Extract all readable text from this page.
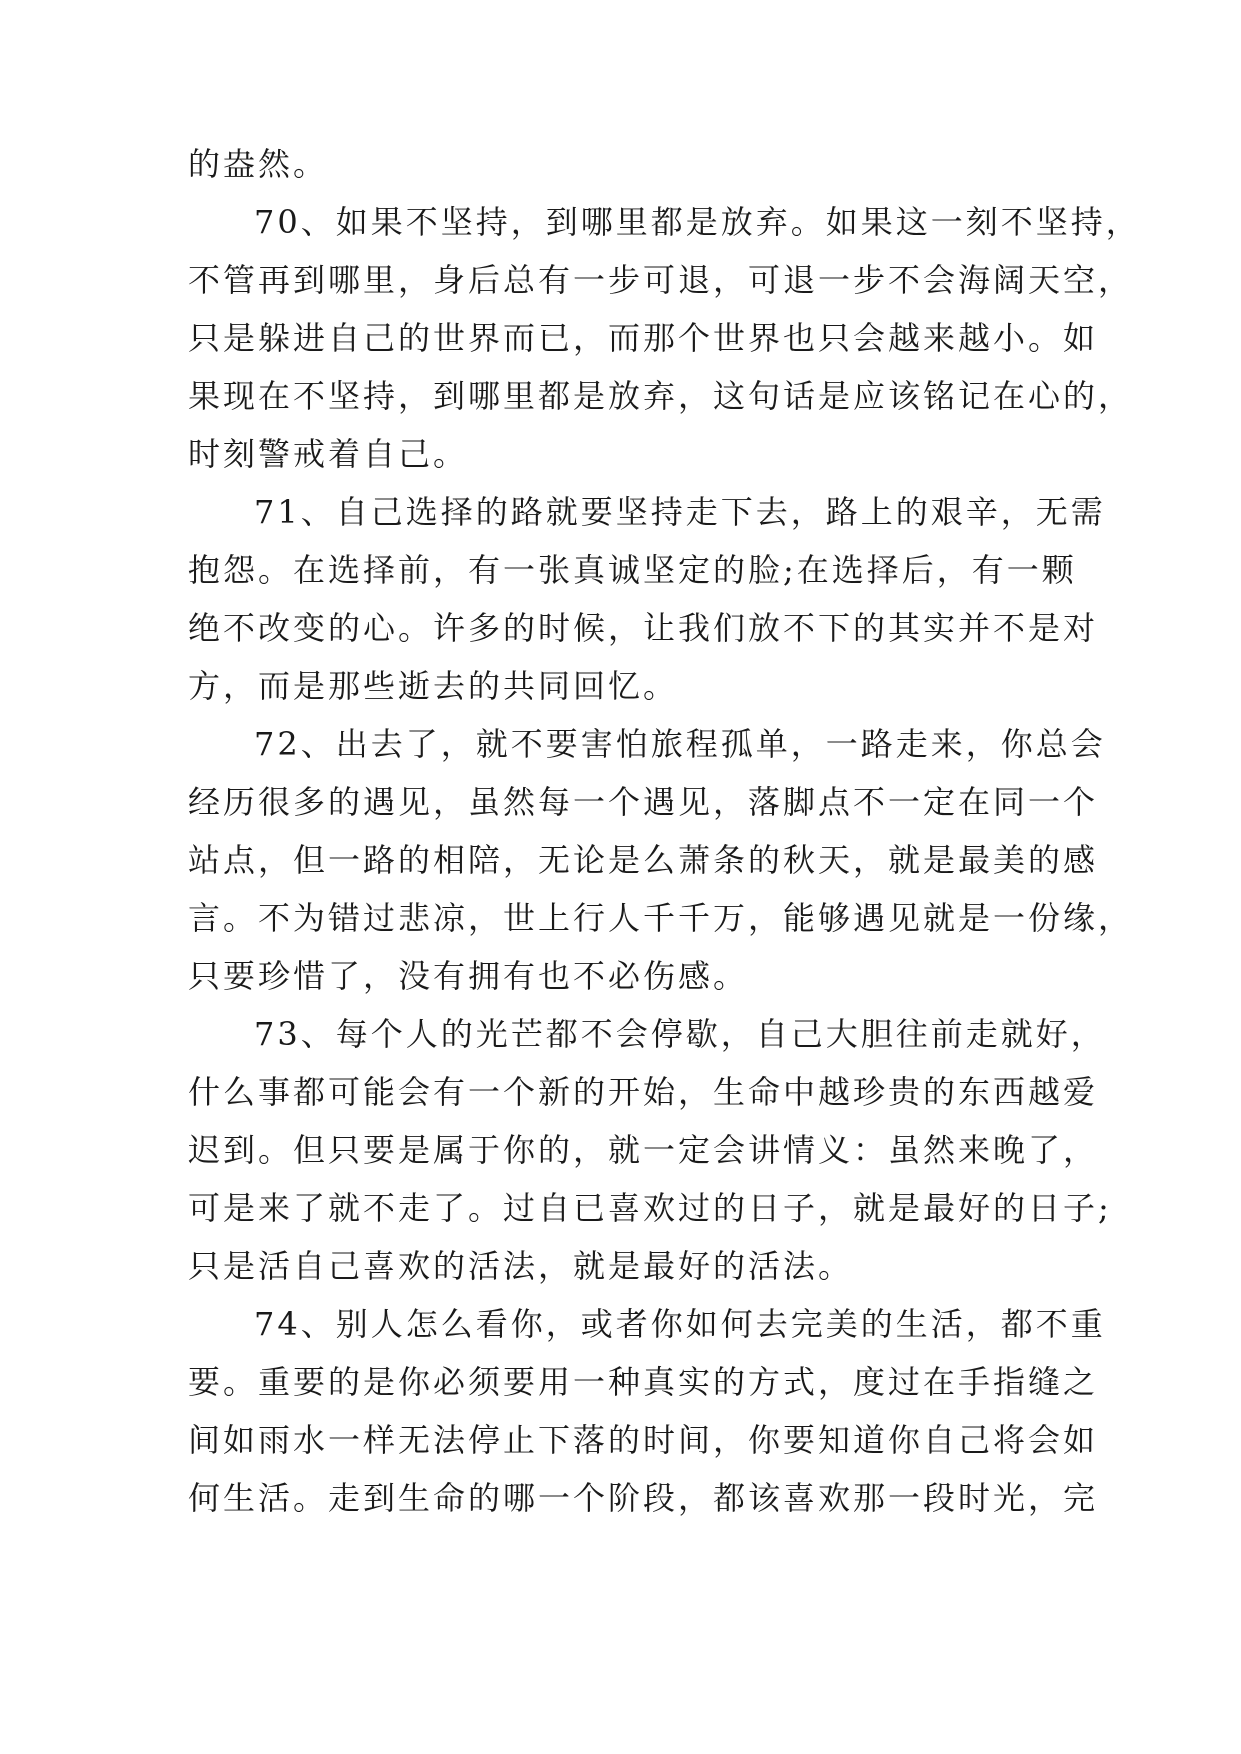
的盎然。
70、如果不坚持，到哪里都是放弃。如果这一刻不坚持，
不管再到哪里，身后总有一步可退，可退一步不会海阔天空，
只是躲进自己的世界而已，而那个世界也只会越来越小。如
果现在不坚持，到哪里都是放弃，这句话是应该铭记在心的，
时刻警戒着自己。
71、自己选择的路就要坚持走下去，路上的艰辛，无需
抱怨。在选择前，有一张真诚坚定的脸;在选择后，有一颗
绝不改变的心。许多的时候，让我们放不下的其实并不是对
方，而是那些逝去的共同回忆。
72、出去了，就不要害怕旅程孤单，一路走来，你总会
经历很多的遇见，虽然每一个遇见，落脚点不一定在同一个
站点，但一路的相陪，无论是么萧条的秋天，就是最美的感
言。不为错过悲凉，世上行人千千万，能够遇见就是一份缘，
只要珍惜了，没有拥有也不必伤感。
73、每个人的光芒都不会停歇，自己大胆往前走就好，
什么事都可能会有一个新的开始，生命中越珍贵的东西越爱
迟到。但只要是属于你的，就一定会讲情义：虽然来晚了，
可是来了就不走了。过自已喜欢过的日子，就是最好的日子;
只是活自己喜欢的活法，就是最好的活法。
74、别人怎么看你，或者你如何去完美的生活，都不重
要。重要的是你必须要用一种真实的方式，度过在手指缝之
间如雨水一样无法停止下落的时间，你要知道你自己将会如
何生活。走到生命的哪一个阶段，都该喜欢那一段时光，完
